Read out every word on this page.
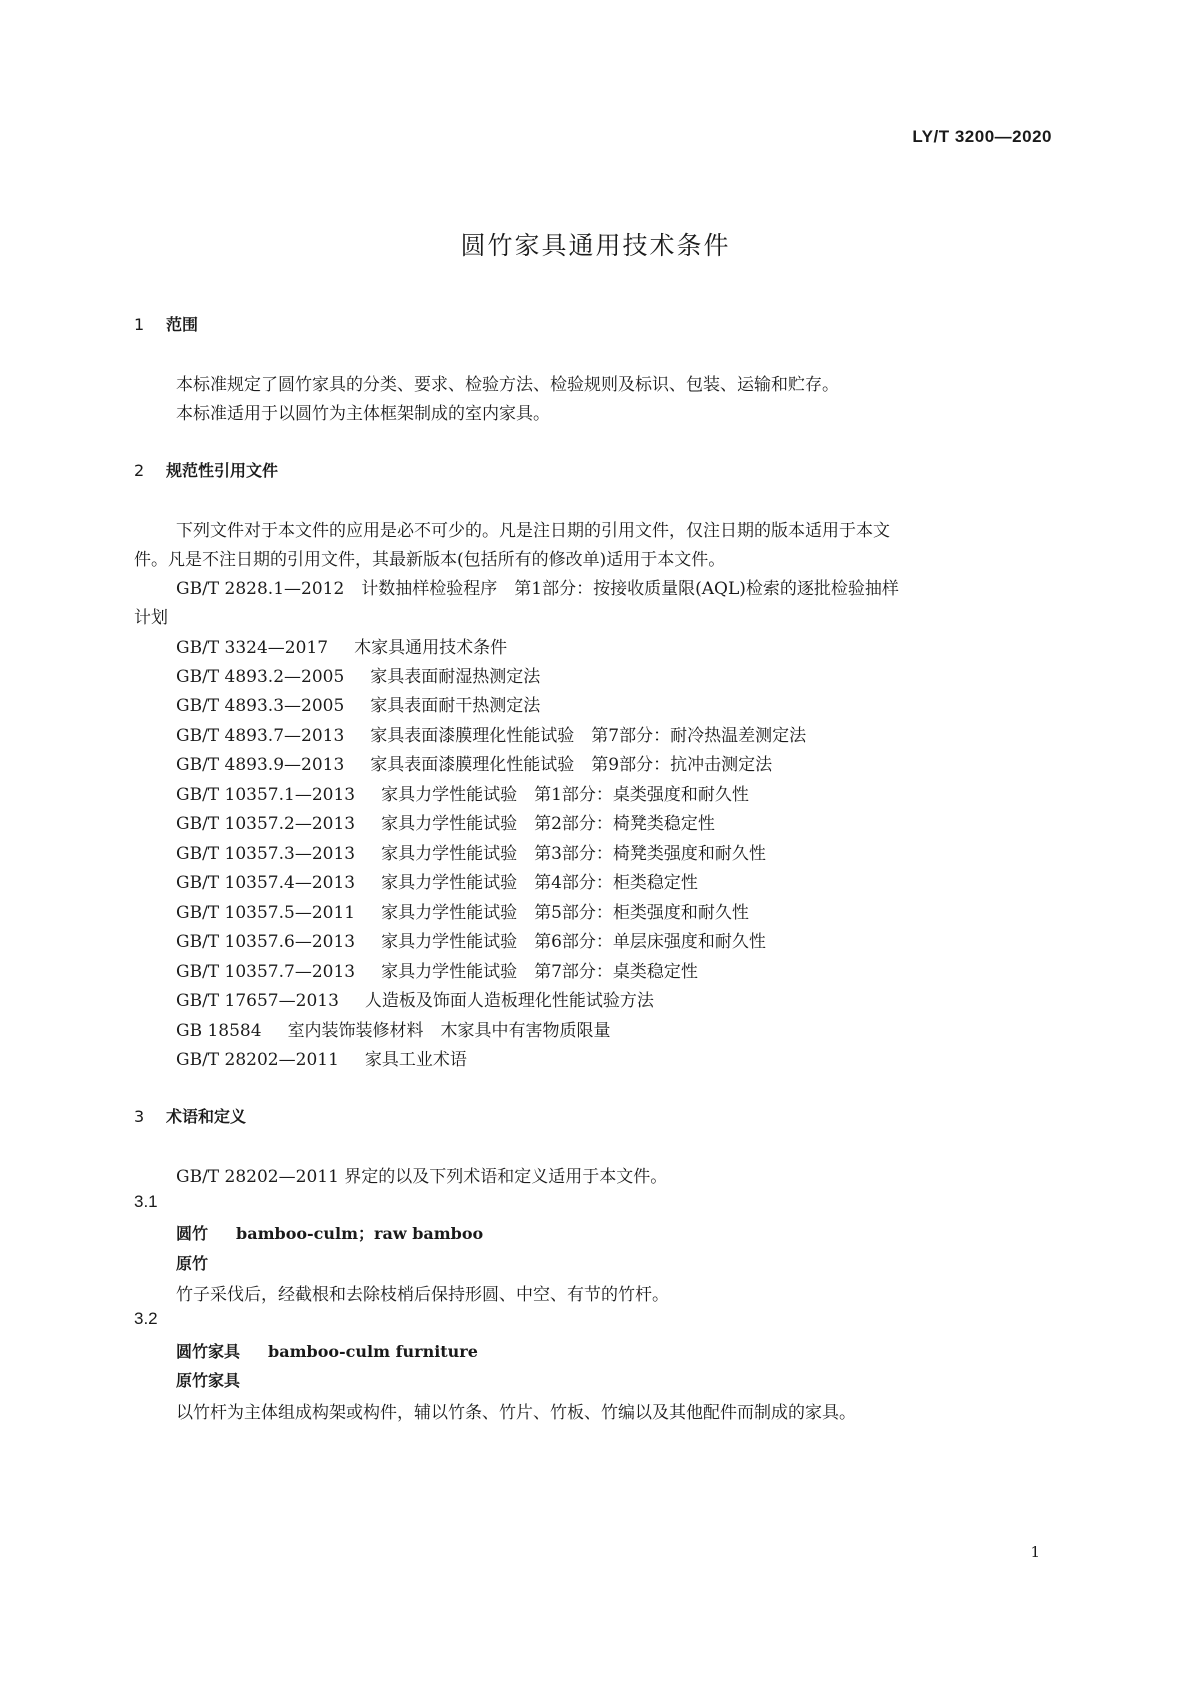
LY/T 3200—2020
圆竹家具通用技术条件
1 范围
本标准规定了圆竹家具的分类、要求、检验方法、检验规则及标识、包装、运输和贮存。
本标准适用于以圆竹为主体框架制成的室内家具。
2 规范性引用文件
下列文件对于本文件的应用是必不可少的。凡是注日期的引用文件，仅注日期的版本适用于本文
件。凡是不注日期的引用文件，其最新版本(包括所有的修改单)适用于本文件。
GB/T 2828.1—2012　计数抽样检验程序　第1部分：按接收质量限(AQL)检索的逐批检验抽样
计划
GB/T 3324—2017 木家具通用技术条件
GB/T 4893.2—2005 家具表面耐湿热测定法
GB/T 4893.3—2005 家具表面耐干热测定法
GB/T 4893.7—2013 家具表面漆膜理化性能试验　第7部分：耐冷热温差测定法
GB/T 4893.9—2013 家具表面漆膜理化性能试验　第9部分：抗冲击测定法
GB/T 10357.1—2013 家具力学性能试验　第1部分：桌类强度和耐久性
GB/T 10357.2—2013 家具力学性能试验　第2部分：椅凳类稳定性
GB/T 10357.3—2013 家具力学性能试验　第3部分：椅凳类强度和耐久性
GB/T 10357.4—2013 家具力学性能试验　第4部分：柜类稳定性
GB/T 10357.5—2011 家具力学性能试验　第5部分：柜类强度和耐久性
GB/T 10357.6—2013 家具力学性能试验　第6部分：单层床强度和耐久性
GB/T 10357.7—2013 家具力学性能试验　第7部分：桌类稳定性
GB/T 17657—2013 人造板及饰面人造板理化性能试验方法
GB 18584 室内装饰装修材料　木家具中有害物质限量
GB/T 28202—2011 家具工业术语
3 术语和定义
GB/T 28202—2011 界定的以及下列术语和定义适用于本文件。
3.1
圆竹 bamboo-culm；raw bamboo
原竹
竹子采伐后，经截根和去除枝梢后保持形圆、中空、有节的竹杆。
3.2
圆竹家具 bamboo-culm furniture
原竹家具
以竹杆为主体组成构架或构件，辅以竹条、竹片、竹板、竹编以及其他配件而制成的家具。
1
